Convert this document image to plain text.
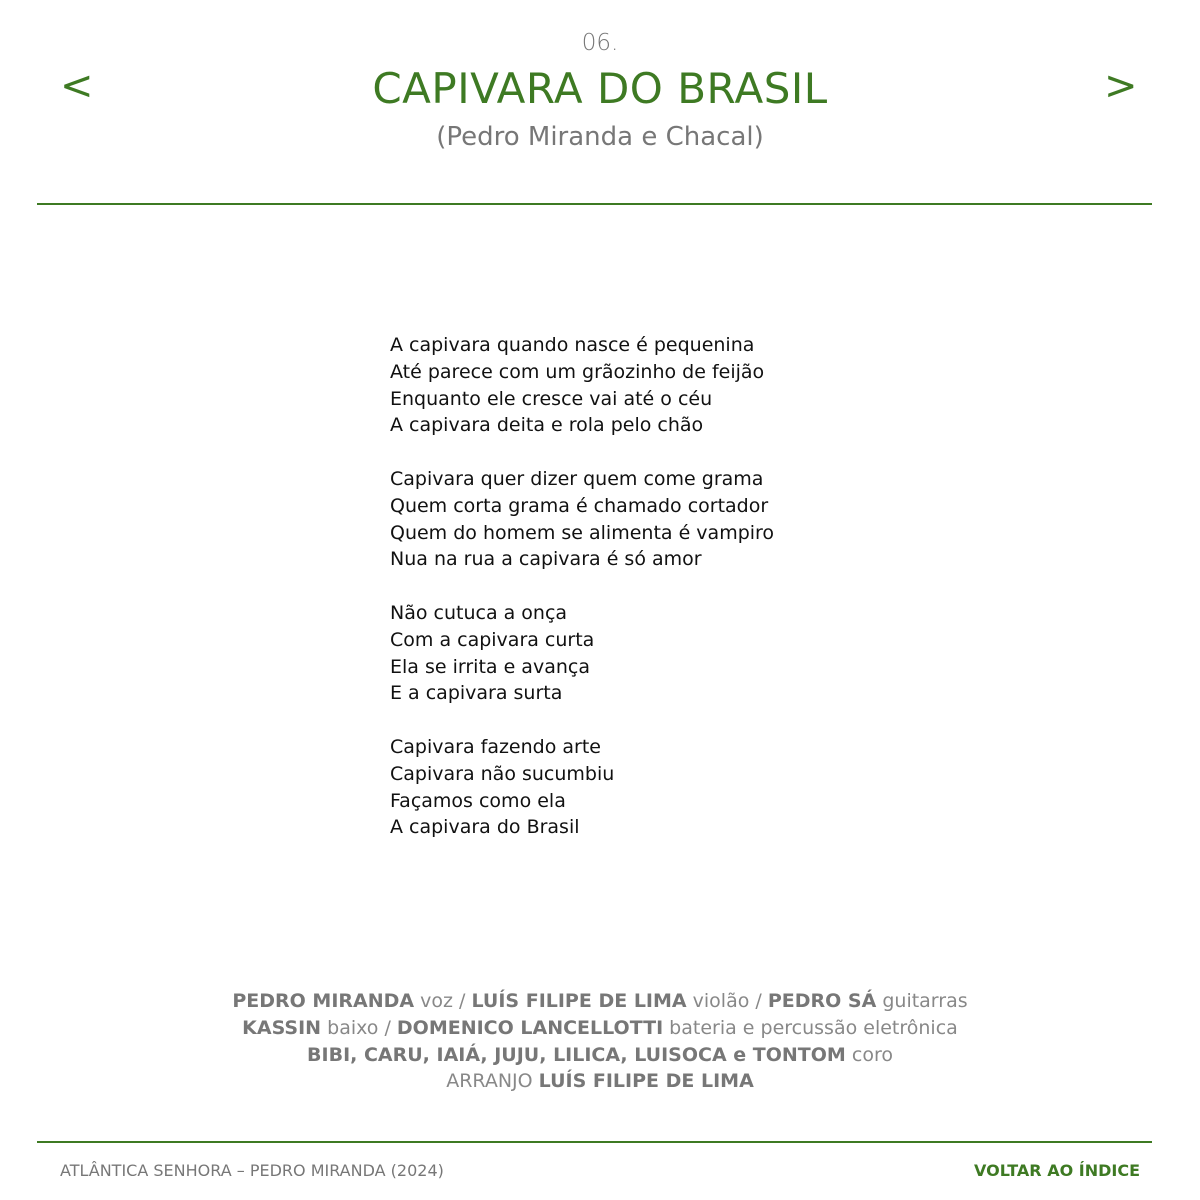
<	>
06.
CAPIVARA DO BRASIL
(Pedro Miranda e Chacal)
A capivara quando nasce é pequenina
Até parece com um grãozinho de feijão
Enquanto ele cresce vai até o céu
A capivara deita e rola pelo chão
Capivara quer dizer quem come grama
Quem corta grama é chamado cortador
Quem do homem se alimenta é vampiro
Nua na rua a capivara é só amor
Não cutuca a onça
Com a capivara curta
Ela se irrita e avança
E a capivara surta
Capivara fazendo arte
Capivara não sucumbiu
Façamos como ela
A capivara do Brasil
PEDRO MIRANDA voz / LUÍS FILIPE DE LIMA violão / PEDRO SÁ guitarras
KASSIN baixo / DOMENICO LANCELLOTTI bateria e percussão eletrônica
BIBI, CARU, IAIÁ, JUJU, LILICA, LUISOCA e TONTOM coro
ARRANJO LUÍS FILIPE DE LIMA
ATLÂNTICA SENHORA – PEDRO MIRANDA (2024)	VOLTAR AO ÍNDICE
